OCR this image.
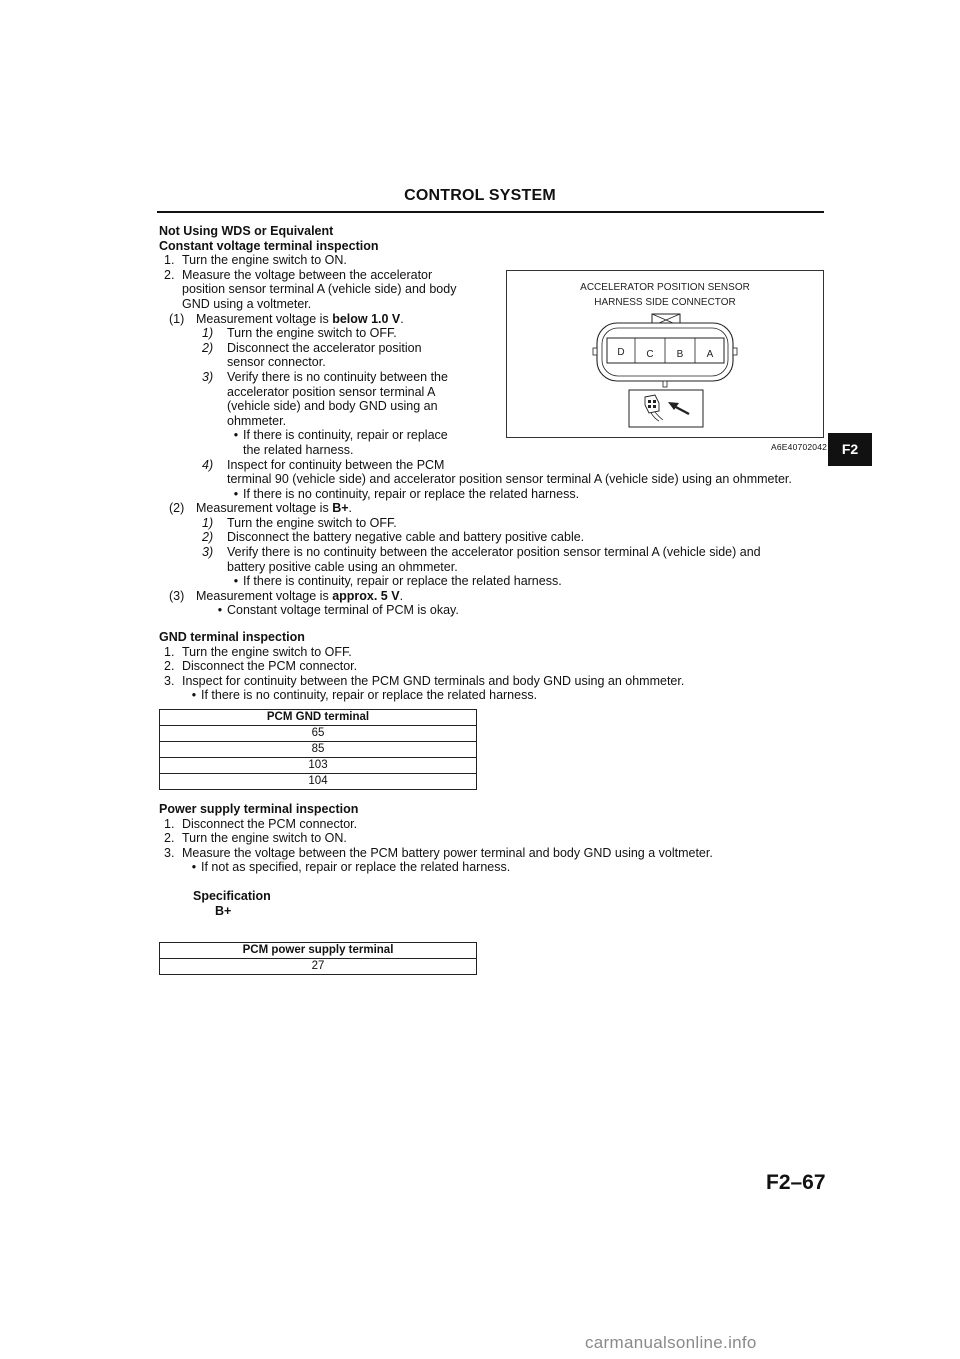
CONTROL SYSTEM
Not Using WDS or Equivalent
Constant voltage terminal inspection
1. Turn the engine switch to ON.
2. Measure the voltage between the accelerator
position sensor terminal A (vehicle side) and body
GND using a voltmeter.
(1) Measurement voltage is below 1.0 V.
1) Turn the engine switch to OFF.
2) Disconnect the accelerator position
sensor connector.
3) Verify there is no continuity between the
accelerator position sensor terminal A
(vehicle side) and body GND using an
ohmmeter.
• If there is continuity, repair or replace
the related harness.
4) Inspect for continuity between the PCM
terminal 90 (vehicle side) and accelerator position sensor terminal A (vehicle side) using an ohmmeter.
• If there is no continuity, repair or replace the related harness.
(2) Measurement voltage is B+.
1) Turn the engine switch to OFF.
2) Disconnect the battery negative cable and battery positive cable.
3) Verify there is no continuity between the accelerator position sensor terminal A (vehicle side) and
battery positive cable using an ohmmeter.
• If there is continuity, repair or replace the related harness.
(3) Measurement voltage is approx. 5 V.
• Constant voltage terminal of PCM is okay.
GND terminal inspection
1. Turn the engine switch to OFF.
2. Disconnect the PCM connector.
3. Inspect for continuity between the PCM GND terminals and body GND using an ohmmeter.
• If there is no continuity, repair or replace the related harness.
PCM GND terminal
65
85
103
104
Power supply terminal inspection
1. Disconnect the PCM connector.
2. Turn the engine switch to ON.
3. Measure the voltage between the PCM battery power terminal and body GND using a voltmeter.
• If not as specified, repair or replace the related harness.
Specification
B+
PCM power supply terminal
27
ACCELERATOR POSITION SENSOR
HARNESS SIDE CONNECTOR
D C B A
A6E40702042	F2
F2–67
carmanualsonline.info
